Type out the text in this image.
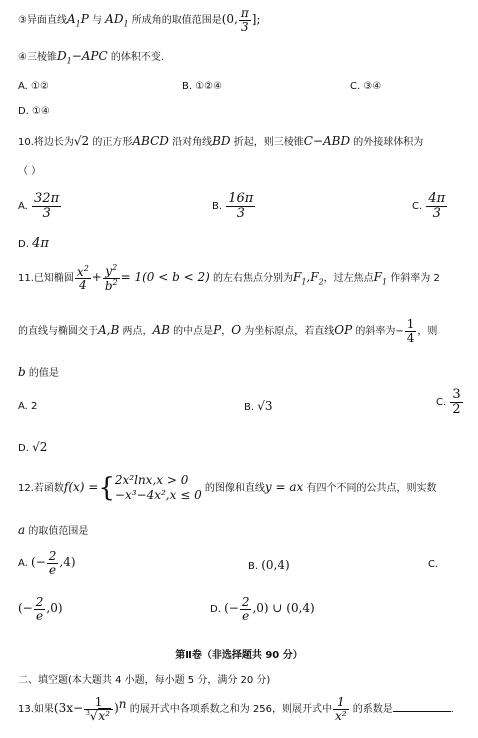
③异面直线$A_1P$ 与 $AD_1$ 所成角的取值范围是(0, $\frac{\pi}{3}$ ];
④三棱锥$D_1-APC$ 的体积不变.
A. ①②	B. ①②④	C. ③④
D. ①④
10.将边长为√2 的正方形ABCD 沿对角线BD 折起，则三棱锥C−ABD 的外接球体积为
（ ）
A. $\frac{32\pi}{3}$	B. $\frac{16\pi}{3}$	C. $\frac{4\pi}{3}$
D. 4π
11.已知椭圆 $\frac{x^2}{4} + \frac{y^2}{b^2} = 1(0 < b < 2)$ 的左右焦点分别为$F_1,F_2$，过左焦点$F_1$ 作斜率为 2
的直线与椭圆交于A,B 两点，AB 的中点是P，O 为坐标原点，若直线OP 的斜率为− $\frac{1}{4}$ ，则
b 的值是
A. 2	B. √3	C. $\frac{3}{2}$
D. √2
12.若函数f(x) ={ 2x²lnx,x > 0
−x³−4x²,x ≤ 0 的图像和直线y = ax 有四个不同的公共点，则实数
a 的取值范围是
A. (− $\frac{2}{e} ,4$)	B. (0,4)	C.
(− $\frac{2}{e} ,0$)	D. (− $\frac{2}{e} ,0$) ∪ (0,4)
第Ⅱ卷（非选择题共 90 分）
二、填空题(本大题共 4 小题，每小题 5 分，满分 20 分)
13.如果$(3x- \frac{1}{^3√x^2} )^n$ 的展开式中各项系数之和为 256，则展开式中 $\frac{1}{\text{x²}}$ 的系数是	.
